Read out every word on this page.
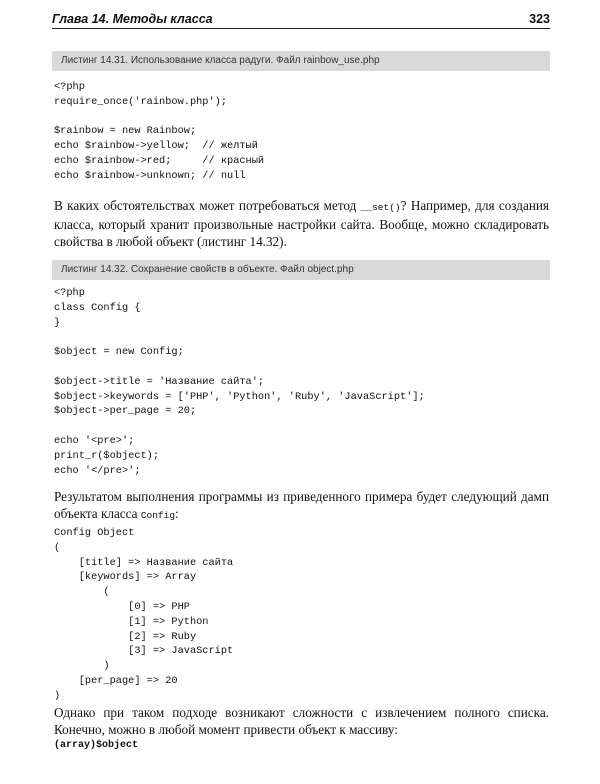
Глава 14. Методы класса	323
Листинг 14.31. Использование класса радуги. Файл rainbow_use.php
<?php
require_once('rainbow.php');

$rainbow = new Rainbow;
echo $rainbow->yellow;  // желтый
echo $rainbow->red;     // красный
echo $rainbow->unknown; // null

В каких обстоятельствах может потребоваться метод __set()? Например, для создания класса, который хранит произвольные настройки сайта. Вообще, можно складировать свойства в любой объект (листинг 14.32).

Листинг 14.32. Сохранение свойств в объекте. Файл object.php
<?php
class Config {
}

$object = new Config;

$object->title = 'Название сайта';
$object->keywords = ['PHP', 'Python', 'Ruby', 'JavaScript'];
$object->per_page = 20;

echo '<pre>';
print_r($object);
echo '</pre>';

Результатом выполнения программы из приведенного примера будет следующий дамп объекта класса Config:

Config Object
(
[title] => Название сайта
[keywords] => Array
(
[0] => PHP
[1] => Python
[2] => Ruby
[3] => JavaScript
)
[per_page] => 20
)

Однако при таком подходе возникают сложности с извлечением полного списка. Конечно, можно в любой момент привести объект к массиву:

(array)$object
